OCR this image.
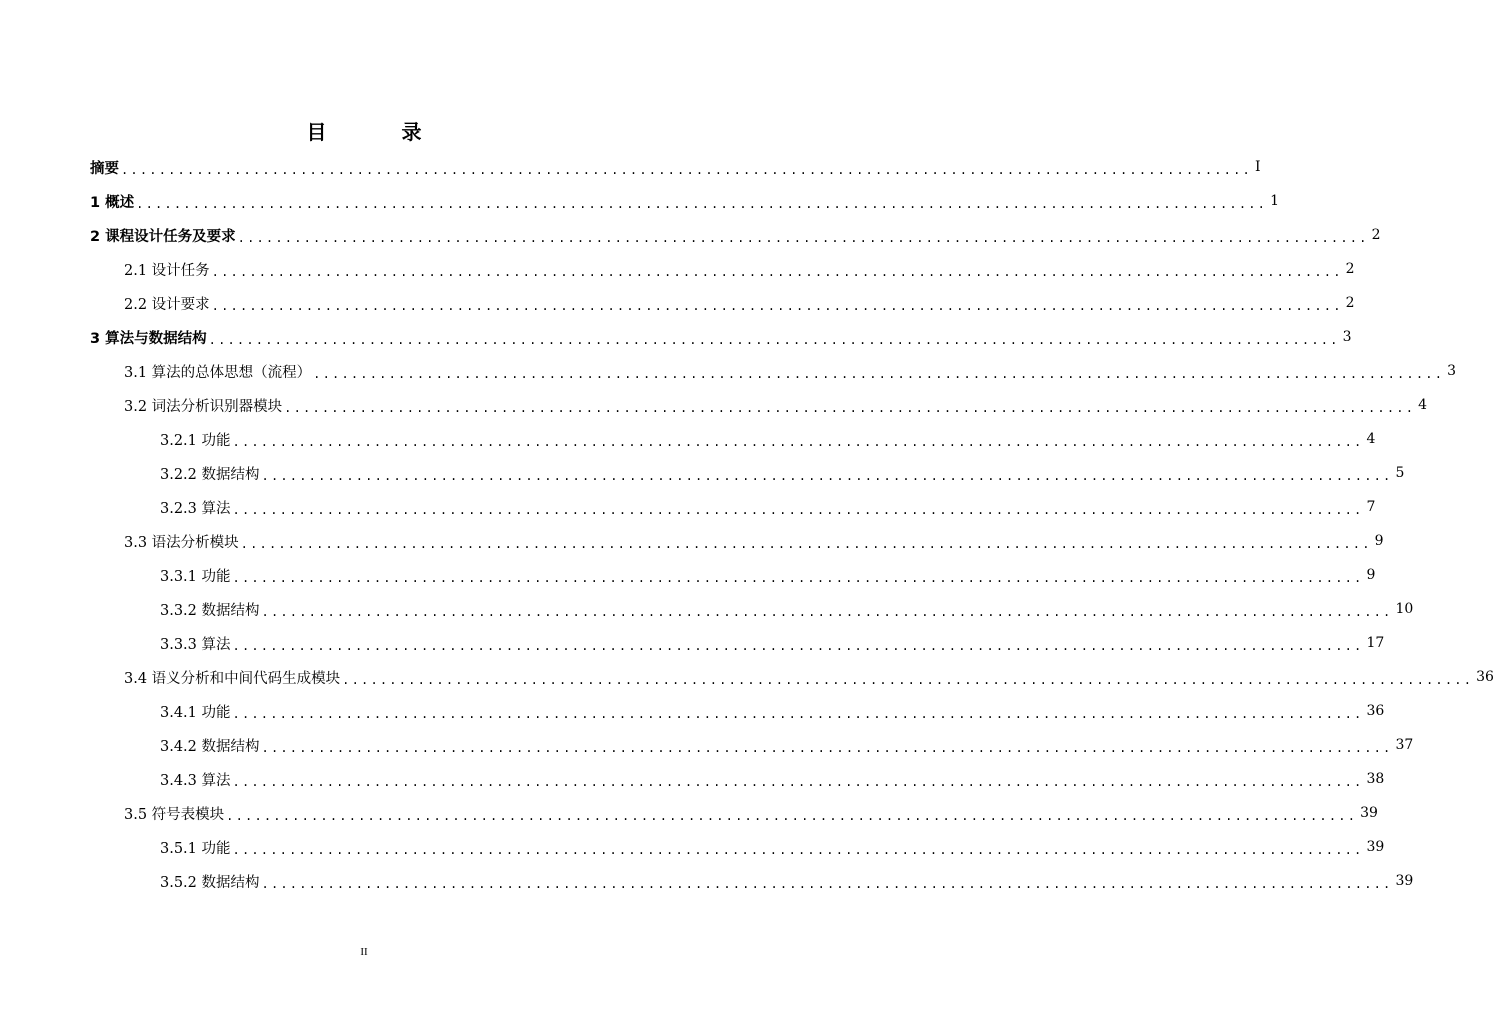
目 录
摘要 ........................................................................................................................ I
1 概述 ........................................................................................................................ 1
2 课程设计任务及要求 ........................................................................................................................ 2
2.1 设计任务 ........................................................................................................................ 2
2.2 设计要求 ........................................................................................................................ 2
3 算法与数据结构 ........................................................................................................................ 3
3.1 算法的总体思想（流程） ........................................................................................................................ 3
3.2 词法分析识别器模块 ........................................................................................................................ 4
3.2.1 功能 ........................................................................................................................ 4
3.2.2 数据结构 ........................................................................................................................ 5
3.2.3 算法 ........................................................................................................................ 7
3.3 语法分析模块 ........................................................................................................................ 9
3.3.1 功能 ........................................................................................................................ 9
3.3.2 数据结构 ........................................................................................................................ 10
3.3.3 算法 ........................................................................................................................ 17
3.4 语义分析和中间代码生成模块 ........................................................................................................................ 36
3.4.1 功能 ........................................................................................................................ 36
3.4.2 数据结构 ........................................................................................................................ 37
3.4.3 算法 ........................................................................................................................ 38
3.5 符号表模块 ........................................................................................................................ 39
3.5.1 功能 ........................................................................................................................ 39
3.5.2 数据结构 ........................................................................................................................ 39
II
